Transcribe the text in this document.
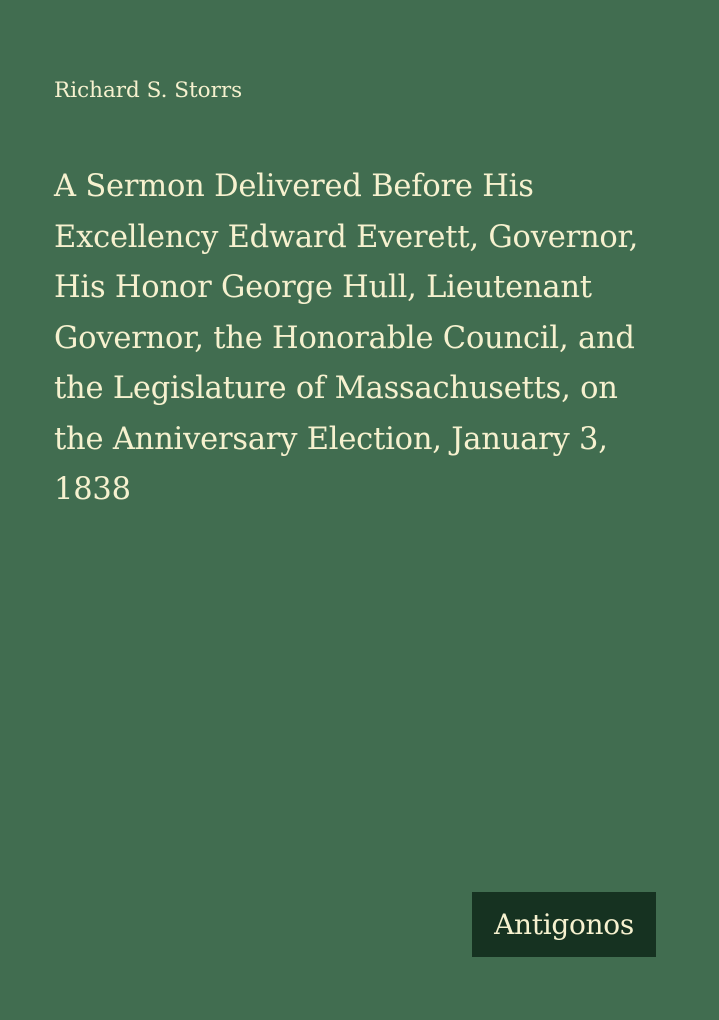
Richard S. Storrs
A Sermon Delivered Before His
Excellency Edward Everett, Governor,
His Honor George Hull, Lieutenant
Governor, the Honorable Council, and
the Legislature of Massachusetts, on
the Anniversary Election, January 3,
1838
Antigonos
